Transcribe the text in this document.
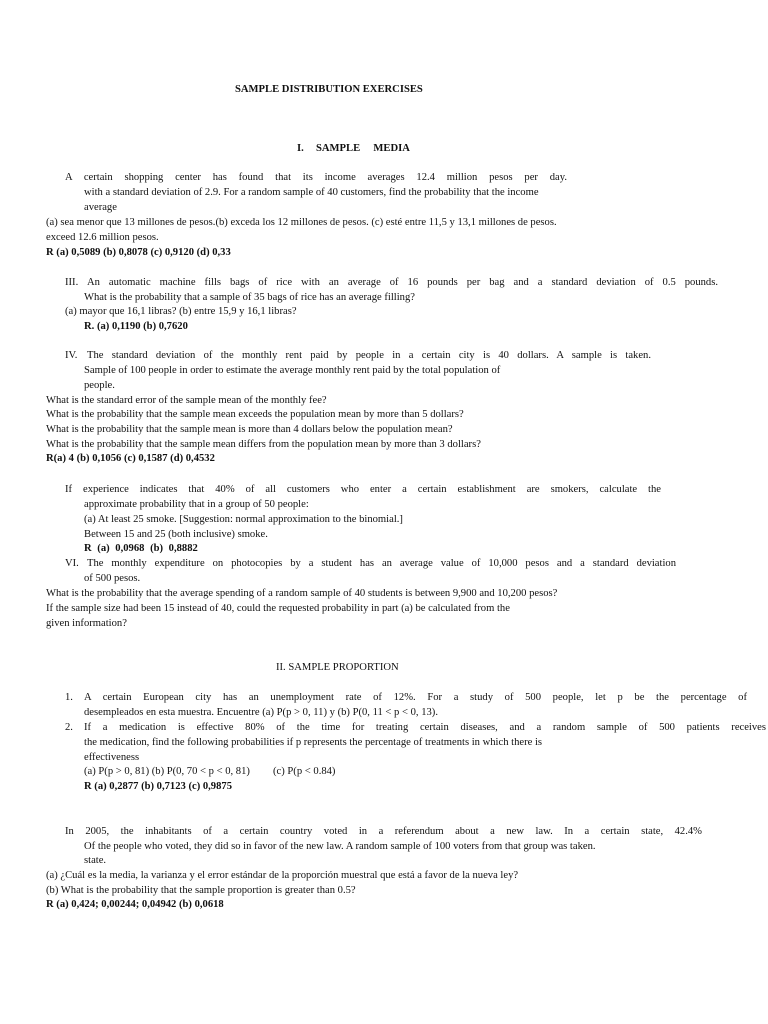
SAMPLE DISTRIBUTION EXERCISES
I. SAMPLE     MEDIA
A certain shopping center has found that its income averages 12.4 million pesos per day.
with a standard deviation of 2.9. For a random sample of 40 customers, find the probability that the income
average
(a) sea menor que 13 millones de pesos.(b) exceda los 12 millones de pesos. (c) esté entre 11,5 y 13,1 millones de pesos.
exceed 12.6 million pesos.
R (a) 0,5089 (b) 0,8078 (c) 0,9120 (d) 0,33
III. An automatic machine fills bags of rice with an average of 16 pounds per bag and a standard deviation of 0.5 pounds.
What is the probability that a sample of 35 bags of rice has an average filling?
(a) mayor que 16,1 libras? (b) entre 15,9 y 16,1 libras?
R. (a) 0,1190 (b) 0,7620
IV. The standard deviation of the monthly rent paid by people in a certain city is 40 dollars. A sample is taken.
Sample of 100 people in order to estimate the average monthly rent paid by the total population of
people.
What is the standard error of the sample mean of the monthly fee?
What is the probability that the sample mean exceeds the population mean by more than 5 dollars?
What is the probability that the sample mean is more than 4 dollars below the population mean?
What is the probability that the sample mean differs from the population mean by more than 3 dollars?
R(a) 4 (b) 0,1056 (c) 0,1587 (d) 0,4532
If experience indicates that 40% of all customers who enter a certain establishment are smokers, calculate the
approximate probability that in a group of 50 people:
(a) At least 25 smoke. [Suggestion: normal approximation to the binomial.]
Between 15 and 25 (both inclusive) smoke.
R (a) 0,0968 (b) 0,8882
VI. The monthly expenditure on photocopies by a student has an average value of 10,000 pesos and a standard deviation
of 500 pesos.
What is the probability that the average spending of a random sample of 40 students is between 9,900 and 10,200 pesos?
If the sample size had been 15 instead of 40, could the requested probability in part (a) be calculated from the
given information?
II. SAMPLE PROPORTION
1. A certain European city has an unemployment rate of 12%. For a study of 500 people, let p be the percentage of
desempleados en esta muestra. Encuentre (a) P(p > 0, 11) y (b) P(0, 11 < p < 0, 13).
2. If a medication is effective 80% of the time for treating certain diseases, and a random sample of 500 patients receives
the medication, find the following probabilities if p represents the percentage of treatments in which there is
effectiveness
(a) P(p > 0, 81) (b) P(0, 70 < p < 0, 81) (c) P(p < 0.84)
R (a) 0,2877 (b) 0,7123 (c) 0,9875
In 2005, the inhabitants of a certain country voted in a referendum about a new law. In a certain state, 42.4%
Of the people who voted, they did so in favor of the new law. A random sample of 100 voters from that group was taken.
state.
(a) ¿Cuál es la media, la varianza y el error estándar de la proporción muestral que está a favor de la nueva ley?
(b) What is the probability that the sample proportion is greater than 0.5?
R (a) 0,424; 0,00244; 0,04942 (b) 0,0618
